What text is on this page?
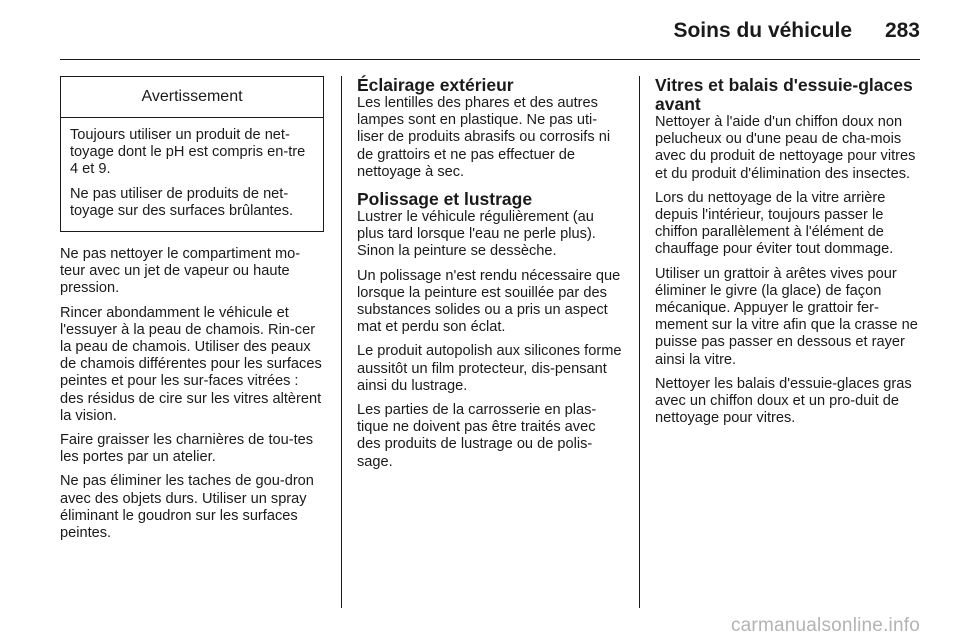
Soins du véhicule 283
Avertissement

Toujours utiliser un produit de net-toyage dont le pH est compris en-tre 4 et 9.

Ne pas utiliser de produits de net-toyage sur des surfaces brûlantes.

Ne pas nettoyer le compartiment mo-teur avec un jet de vapeur ou haute pression.

Rincer abondamment le véhicule et l'essuyer à la peau de chamois. Rin-cer la peau de chamois. Utiliser des peaux de chamois différentes pour les surfaces peintes et pour les sur-faces vitrées : des résidus de cire sur les vitres altèrent la vision.

Faire graisser les charnières de tou-tes les portes par un atelier.

Ne pas éliminer les taches de gou-dron avec des objets durs. Utiliser un spray éliminant le goudron sur les surfaces peintes.

Éclairage extérieur

Les lentilles des phares et des autres lampes sont en plastique. Ne pas uti-liser de produits abrasifs ou corrosifs ni de grattoirs et ne pas effectuer de nettoyage à sec.

Polissage et lustrage

Lustrer le véhicule régulièrement (au plus tard lorsque l'eau ne perle plus). Sinon la peinture se dessèche.

Un polissage n'est rendu nécessaire que lorsque la peinture est souillée par des substances solides ou a pris un aspect mat et perdu son éclat.

Le produit autopolish aux silicones forme aussitôt un film protecteur, dis-pensant ainsi du lustrage.

Les parties de la carrosserie en plas-tique ne doivent pas être traités avec des produits de lustrage ou de polis-sage.

Vitres et balais d'essuie-glaces avant

Nettoyer à l'aide d'un chiffon doux non pelucheux ou d'une peau de cha-mois avec du produit de nettoyage pour vitres et du produit d'élimination des insectes.

Lors du nettoyage de la vitre arrière depuis l'intérieur, toujours passer le chiffon parallèlement à l'élément de chauffage pour éviter tout dommage.

Utiliser un grattoir à arêtes vives pour éliminer le givre (la glace) de façon mécanique. Appuyer le grattoir fer-mement sur la vitre afin que la crasse ne puisse pas passer en dessous et rayer ainsi la vitre.

Nettoyer les balais d'essuie-glaces gras avec un chiffon doux et un pro-duit de nettoyage pour vitres.

carmanualsonline.info
